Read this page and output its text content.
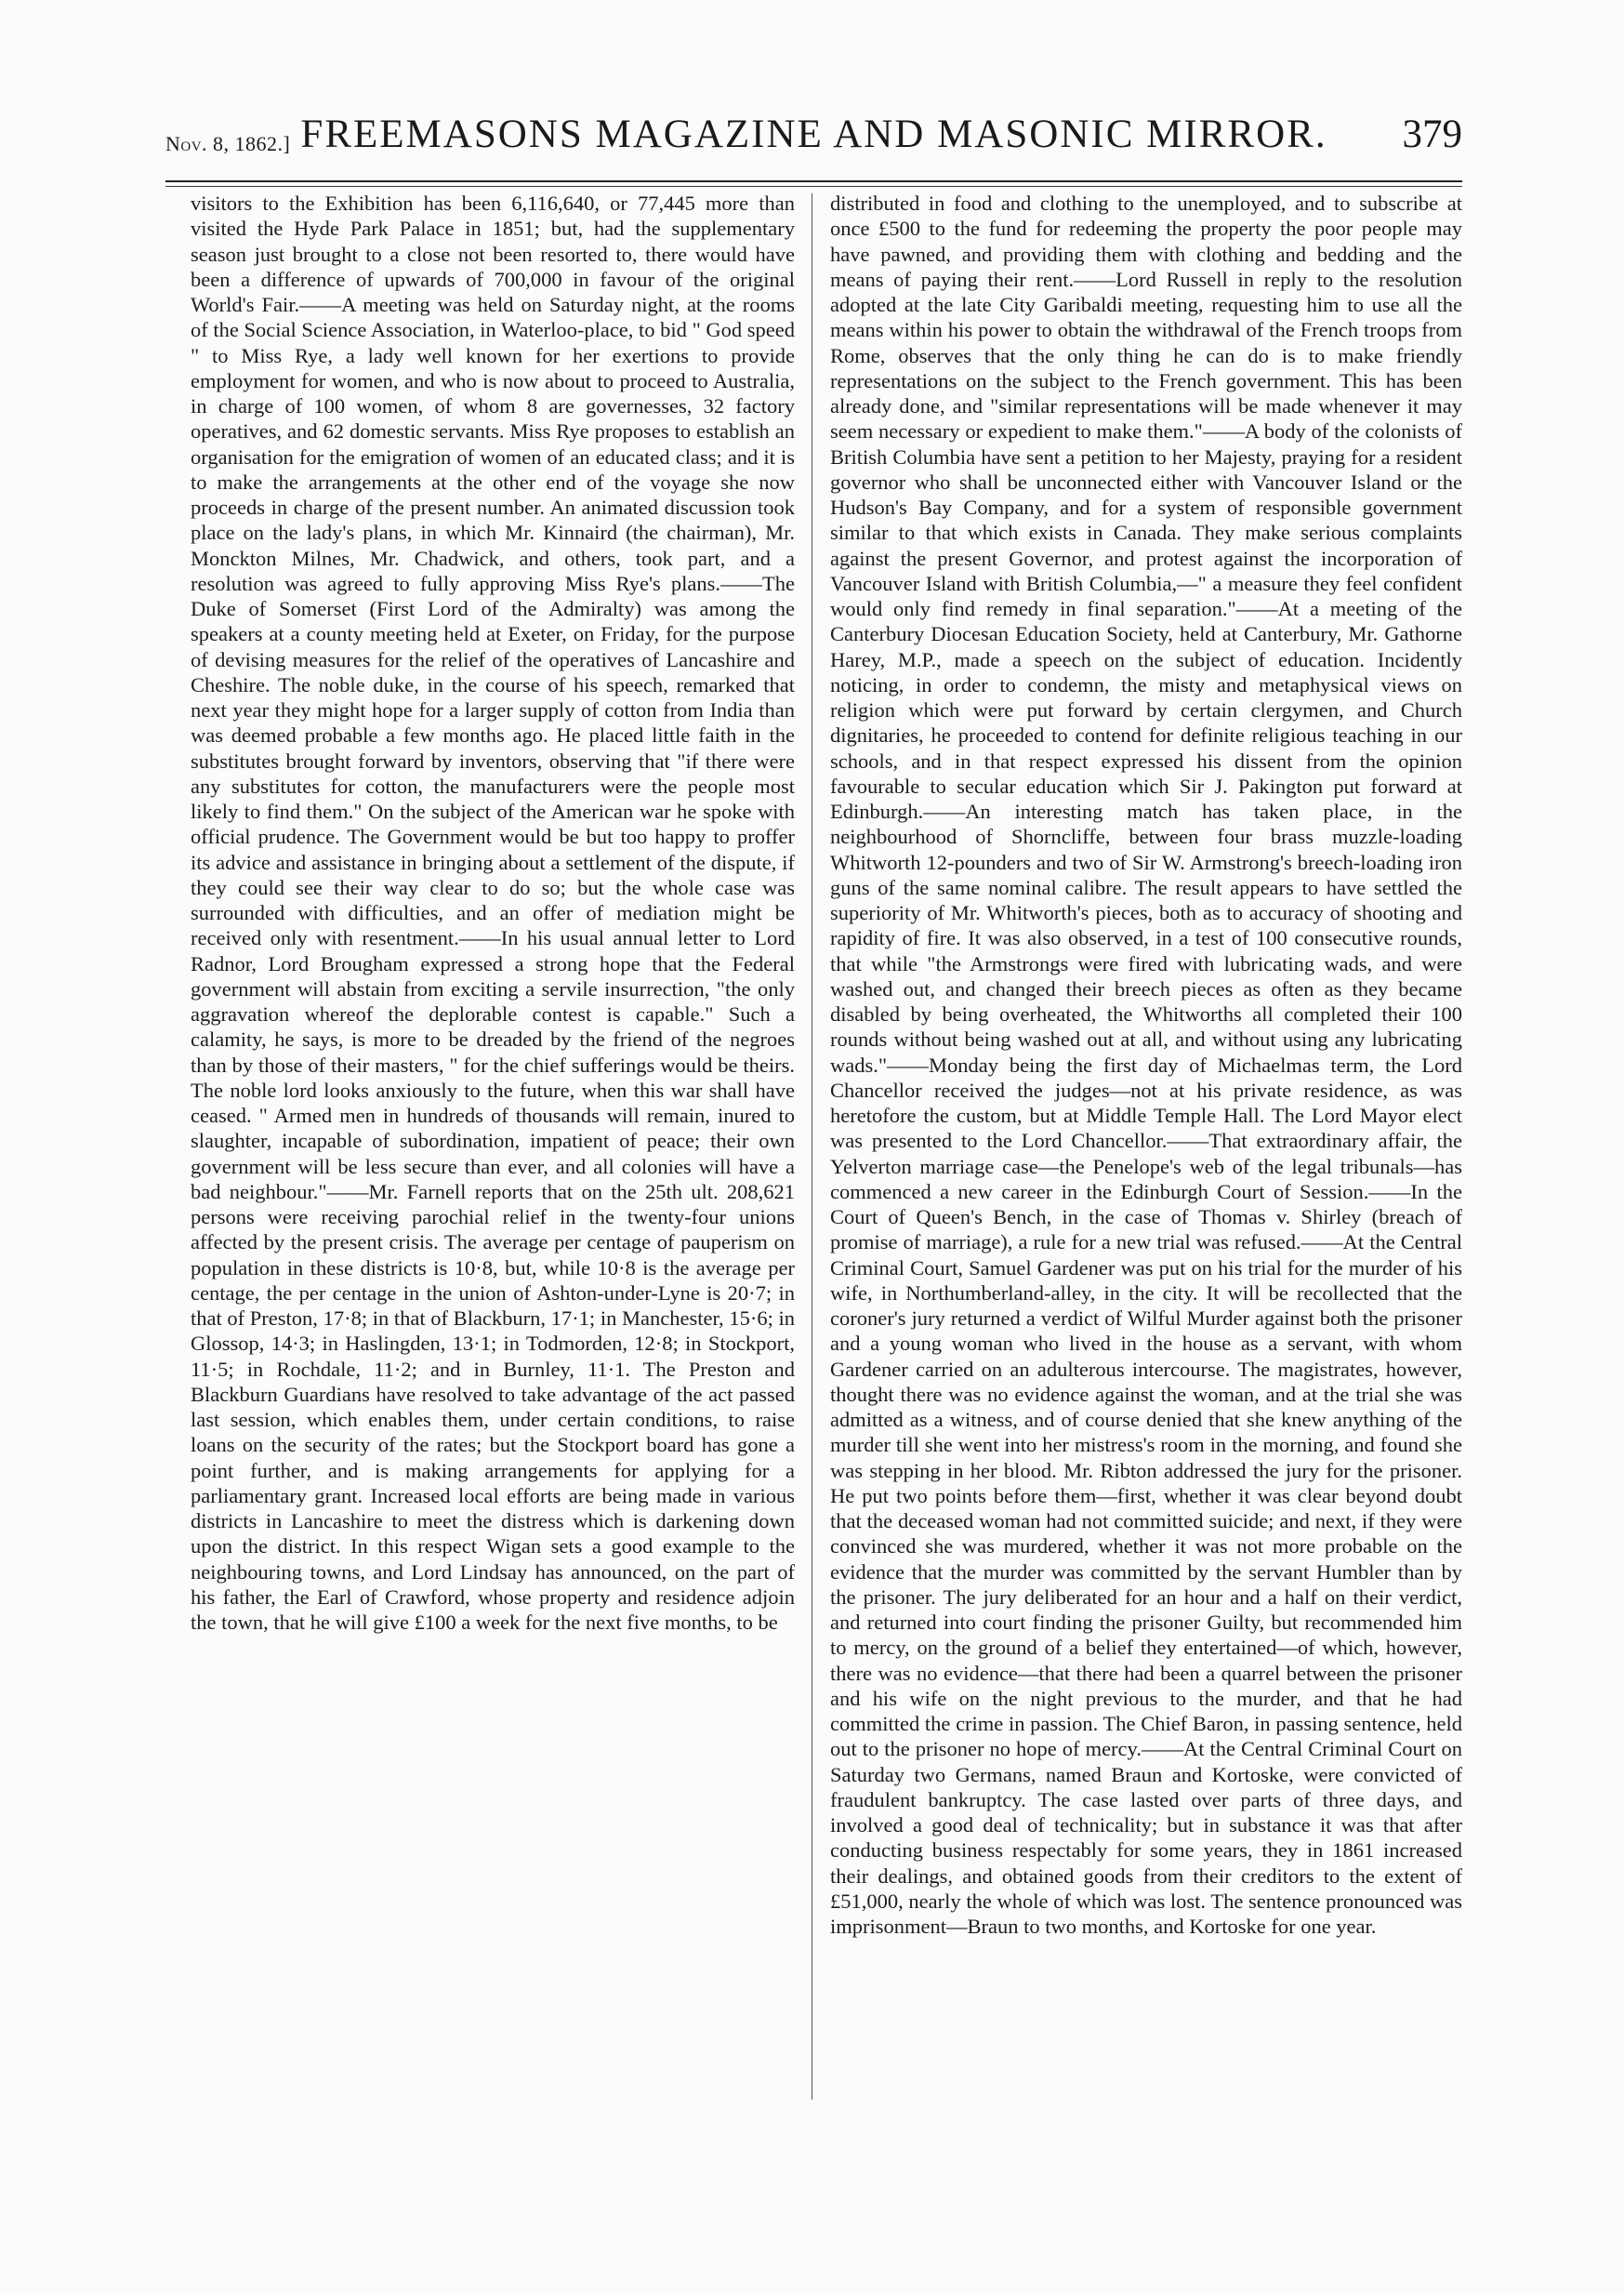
Nov. 8, 1862.] FREEMASONS MAGAZINE AND MASONIC MIRROR.	379

visitors to the Exhibition has been 6,116,640, or 77,445 more than visited the Hyde Park Palace in 1851; but, had the supplementary season just brought to a close not been resorted to, there would have been a difference of upwards of 700,000 in favour of the original World's Fair.——A meeting was held on Saturday night, at the rooms of the Social Science Association, in Waterloo-place, to bid " God speed " to Miss Rye, a lady well known for her exertions to provide employment for women, and who is now about to proceed to Australia, in charge of 100 women, of whom 8 are governesses, 32 factory operatives, and 62 domestic servants. Miss Rye proposes to establish an organisation for the emigration of women of an educated class; and it is to make the arrangements at the other end of the voyage she now proceeds in charge of the present number. An animated discussion took place on the lady's plans, in which Mr. Kinnaird (the chairman), Mr. Monckton Milnes, Mr. Chadwick, and others, took part, and a resolution was agreed to fully approving Miss Rye's plans.——The Duke of Somerset (First Lord of the Admiralty) was among the speakers at a county meeting held at Exeter, on Friday, for the purpose of devising measures for the relief of the operatives of Lancashire and Cheshire. The noble duke, in the course of his speech, remarked that next year they might hope for a larger supply of cotton from India than was deemed probable a few months ago. He placed little faith in the substitutes brought forward by inventors, observing that "if there were any substitutes for cotton, the manufacturers were the people most likely to find them." On the subject of the American war he spoke with official prudence. The Government would be but too happy to proffer its advice and assistance in bringing about a settlement of the dispute, if they could see their way clear to do so; but the whole case was surrounded with difficulties, and an offer of mediation might be received only with resentment.——In his usual annual letter to Lord Radnor, Lord Brougham expressed a strong hope that the Federal government will abstain from exciting a servile insurrection, "the only aggravation whereof the deplorable contest is capable." Such a calamity, he says, is more to be dreaded by the friend of the negroes than by those of their masters, " for the chief sufferings would be theirs. The noble lord looks anxiously to the future, when this war shall have ceased. " Armed men in hundreds of thousands will remain, inured to slaughter, incapable of subordination, impatient of peace; their own government will be less secure than ever, and all colonies will have a bad neighbour."——Mr. Farnell reports that on the 25th ult. 208,621 persons were receiving parochial relief in the twenty-four unions affected by the present crisis. The average per centage of pauperism on population in these districts is 10·8, but, while 10·8 is the average per centage, the per centage in the union of Ashton-under-Lyne is 20·7; in that of Preston, 17·8; in that of Blackburn, 17·1; in Manchester, 15·6; in Glossop, 14·3; in Haslingden, 13·1; in Todmorden, 12·8; in Stockport, 11·5; in Rochdale, 11·2; and in Burnley, 11·1. The Preston and Blackburn Guardians have resolved to take advantage of the act passed last session, which enables them, under certain conditions, to raise loans on the security of the rates; but the Stockport board has gone a point further, and is making arrangements for applying for a parliamentary grant. Increased local efforts are being made in various districts in Lancashire to meet the distress which is darkening down upon the district. In this respect Wigan sets a good example to the neighbouring towns, and Lord Lindsay has announced, on the part of his father, the Earl of Crawford, whose property and residence adjoin the town, that he will give £100 a week for the next five months, to be

distributed in food and clothing to the unemployed, and to subscribe at once £500 to the fund for redeeming the property the poor people may have pawned, and providing them with clothing and bedding and the means of paying their rent.——Lord Russell in reply to the resolution adopted at the late City Garibaldi meeting, requesting him to use all the means within his power to obtain the withdrawal of the French troops from Rome, observes that the only thing he can do is to make friendly representations on the subject to the French government. This has been already done, and "similar representations will be made whenever it may seem necessary or expedient to make them."——A body of the colonists of British Columbia have sent a petition to her Majesty, praying for a resident governor who shall be unconnected either with Vancouver Island or the Hudson's Bay Company, and for a system of responsible government similar to that which exists in Canada. They make serious complaints against the present Governor, and protest against the incorporation of Vancouver Island with British Columbia,—" a measure they feel confident would only find remedy in final separation."——At a meeting of the Canterbury Diocesan Education Society, held at Canterbury, Mr. Gathorne Harey, M.P., made a speech on the subject of education. Incidently noticing, in order to condemn, the misty and metaphysical views on religion which were put forward by certain clergymen, and Church dignitaries, he proceeded to contend for definite religious teaching in our schools, and in that respect expressed his dissent from the opinion favourable to secular education which Sir J. Pakington put forward at Edinburgh.——An interesting match has taken place, in the neighbourhood of Shorncliffe, between four brass muzzle-loading Whitworth 12-pounders and two of Sir W. Armstrong's breech-loading iron guns of the same nominal calibre. The result appears to have settled the superiority of Mr. Whitworth's pieces, both as to accuracy of shooting and rapidity of fire. It was also observed, in a test of 100 consecutive rounds, that while "the Armstrongs were fired with lubricating wads, and were washed out, and changed their breech pieces as often as they became disabled by being overheated, the Whitworths all completed their 100 rounds without being washed out at all, and without using any lubricating wads."——Monday being the first day of Michaelmas term, the Lord Chancellor received the judges—not at his private residence, as was heretofore the custom, but at Middle Temple Hall. The Lord Mayor elect was presented to the Lord Chancellor.——That extraordinary affair, the Yelverton marriage case—the Penelope's web of the legal tribunals—has commenced a new career in the Edinburgh Court of Session.——In the Court of Queen's Bench, in the case of Thomas v. Shirley (breach of promise of marriage), a rule for a new trial was refused.——At the Central Criminal Court, Samuel Gardener was put on his trial for the murder of his wife, in Northumberland-alley, in the city. It will be recollected that the coroner's jury returned a verdict of Wilful Murder against both the prisoner and a young woman who lived in the house as a servant, with whom Gardener carried on an adulterous intercourse. The magistrates, however, thought there was no evidence against the woman, and at the trial she was admitted as a witness, and of course denied that she knew anything of the murder till she went into her mistress's room in the morning, and found she was stepping in her blood. Mr. Ribton addressed the jury for the prisoner. He put two points before them—first, whether it was clear beyond doubt that the deceased woman had not committed suicide; and next, if they were convinced she was murdered, whether it was not more probable on the evidence that the murder was committed by the servant Humbler than by the prisoner. The jury deliberated for an hour and a half on their verdict, and returned into court finding the prisoner Guilty, but recommended him to mercy, on the ground of a belief they entertained—of which, however, there was no evidence—that there had been a quarrel between the prisoner and his wife on the night previous to the murder, and that he had committed the crime in passion. The Chief Baron, in passing sentence, held out to the prisoner no hope of mercy.——At the Central Criminal Court on Saturday two Germans, named Braun and Kortoske, were convicted of fraudulent bankruptcy. The case lasted over parts of three days, and involved a good deal of technicality; but in substance it was that after conducting business respectably for some years, they in 1861 increased their dealings, and obtained goods from their creditors to the extent of £51,000, nearly the whole of which was lost. The sentence pronounced was imprisonment—Braun to two months, and Kortoske for one year.
